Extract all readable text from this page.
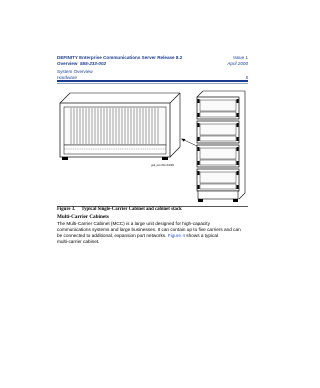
DEFINITY Enterprise Communications Server Release 8.2
Overview 555-233-002
Issue 1
April 2000
System Overview
Hardware	5
gxd_ecs r8m 6/1/99
Figure 3. Typical Single-Carrier Cabinet and cabinet stack
Multi-Carrier Cabinets
The Multi-Carrier Cabinet (MCC) is a large unit designed for high-capacity
communications systems and large businesses. It can contain up to five carriers and can
be connected to additional, expansion port networks. Figure 4 shows a typical
multi-carrier cabinet.
